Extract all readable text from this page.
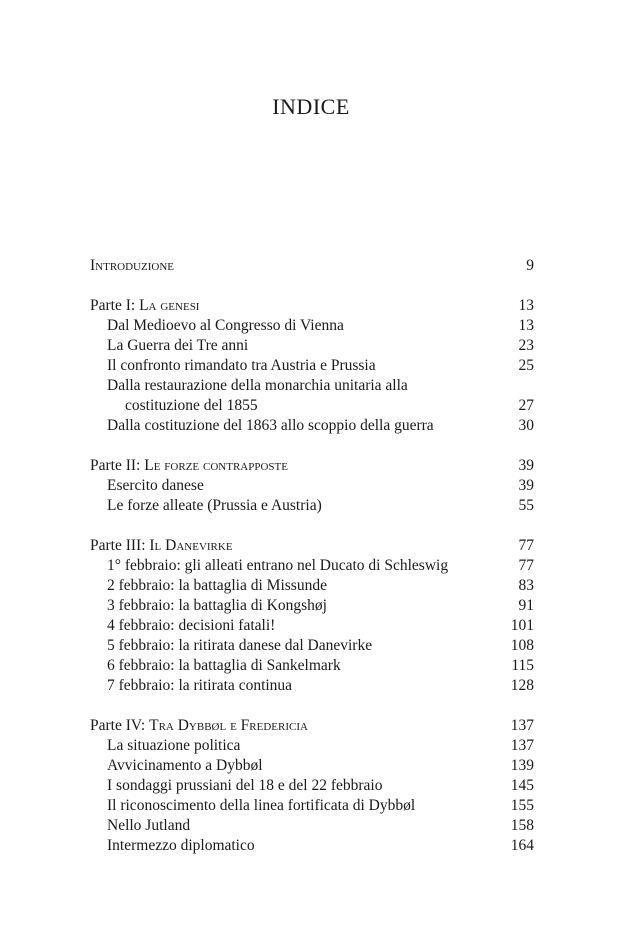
INDICE
Introduzione	9
Parte I: La genesi	13
Dal Medioevo al Congresso di Vienna	13
La Guerra dei Tre anni	23
Il confronto rimandato tra Austria e Prussia	25
Dalla restaurazione della monarchia unitaria alla
costituzione del 1855	27
Dalla costituzione del 1863 allo scoppio della guerra	30
Parte II: Le forze contrapposte	39
Esercito danese	39
Le forze alleate (Prussia e Austria)	55
Parte III: Il Danevirke	77
1° febbraio: gli alleati entrano nel Ducato di Schleswig	77
2 febbraio: la battaglia di Missunde	83
3 febbraio: la battaglia di Kongshøj	91
4 febbraio: decisioni fatali!	101
5 febbraio: la ritirata danese dal Danevirke	108
6 febbraio: la battaglia di Sankelmark	115
7 febbraio: la ritirata continua	128
Parte IV: Tra Dybbøl e Fredericia	137
La situazione politica	137
Avvicinamento a Dybbøl	139
I sondaggi prussiani del 18 e del 22 febbraio	145
Il riconoscimento della linea fortificata di Dybbøl	155
Nello Jutland	158
Intermezzo diplomatico	164
